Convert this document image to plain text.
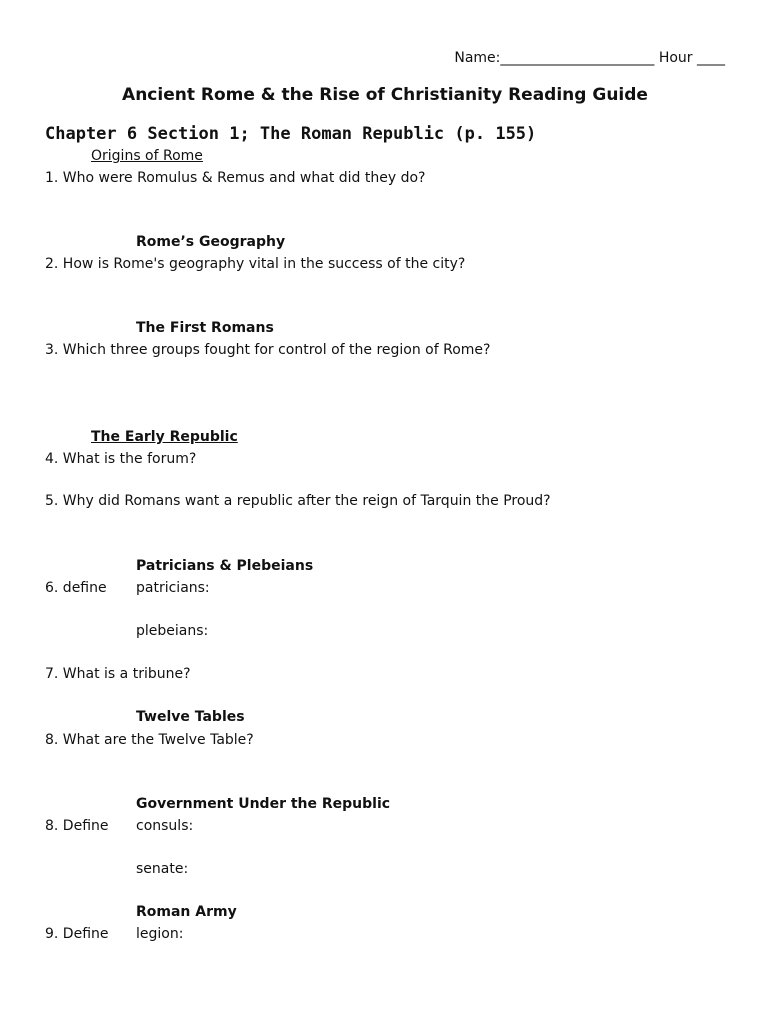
Name:______________________ Hour ____
Ancient Rome & the Rise of Christianity Reading Guide
Chapter 6 Section 1; The Roman Republic (p. 155)
Origins of Rome
1. Who were Romulus & Remus and what did they do?
Rome’s Geography
2. How is Rome's geography vital in the success of the city?
The First Romans
3. Which three groups fought for control of the region of Rome?
The Early Republic
4. What is the forum?
5. Why did Romans want a republic after the reign of Tarquin the Proud?
Patricians & Plebeians
6. define patricians:
plebeians:
7. What is a tribune?
Twelve Tables
8. What are the Twelve Table?
Government Under the Republic
8. Define consuls:
senate:
Roman Army
9. Define legion:
